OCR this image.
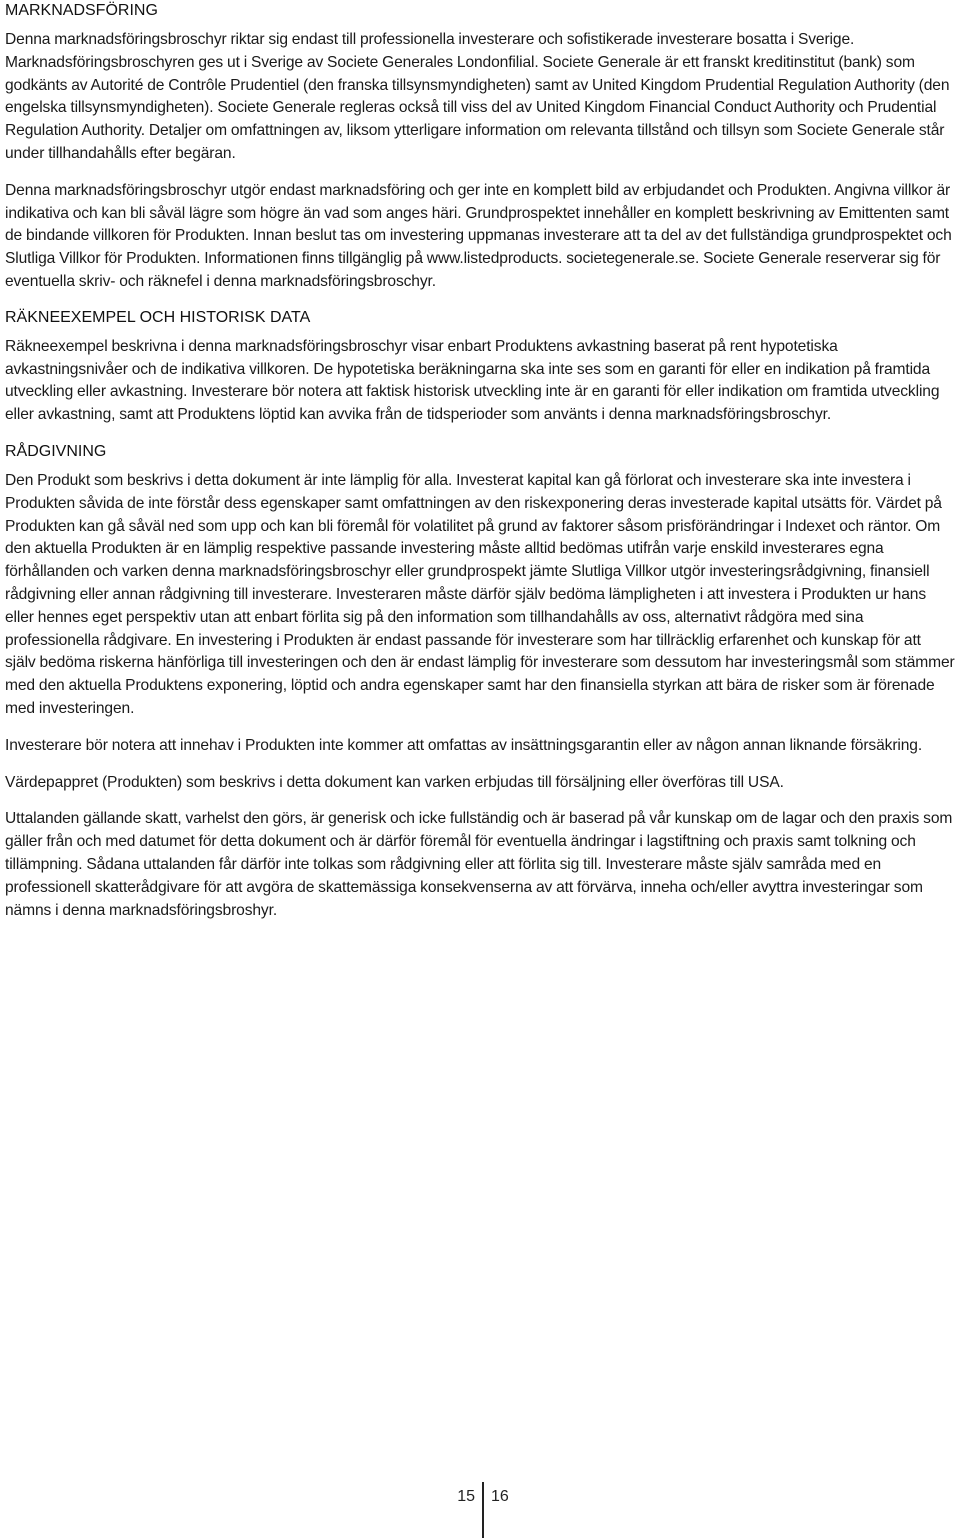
MARKNADSFÖRING

Denna marknadsföringsbroschyr riktar sig endast till professionella investerare och sofistikerade investerare bosatta i Sverige. Marknadsföringsbroschyren ges ut i Sverige av Societe Generales Londonfilial. Societe Generale är ett franskt kreditinstitut (bank) som godkänts av Autorité de Contrôle Prudentiel (den franska tillsynsmyndigheten) samt av United Kingdom Prudential Regulation Authority (den engelska tillsynsmyndigheten). Societe Generale regleras också till viss del av United Kingdom Financial Conduct Authority och Prudential Regulation Authority. Detaljer om omfattningen av, liksom ytterligare information om relevanta tillstånd och tillsyn som Societe Generale står under tillhandahålls efter begäran.

Denna marknadsföringsbroschyr utgör endast marknadsföring och ger inte en komplett bild av erbjudandet och Produkten. Angivna villkor är indikativa och kan bli såväl lägre som högre än vad som anges häri. Grundprospektet innehåller en komplett beskrivning av Emittenten samt de bindande villkoren för Produkten. Innan beslut tas om investering uppmanas investerare att ta del av det fullständiga grundprospektet och Slutliga Villkor för Produkten. Informationen finns tillgänglig på www.listedproducts. societegenerale.se. Societe Generale reserverar sig för eventuella skriv- och räknefel i denna marknadsföringsbroschyr.

RÄKNEEXEMPEL OCH HISTORISK DATA

Räkneexempel beskrivna i denna marknadsföringsbroschyr visar enbart Produktens avkastning baserat på rent hypotetiska avkastningsnivåer och de indikativa villkoren. De hypotetiska beräkningarna ska inte ses som en garanti för eller en indikation på framtida utveckling eller avkastning. Investerare bör notera att faktisk historisk utveckling inte är en garanti för eller indikation om framtida utveckling eller avkastning, samt att Produktens löptid kan avvika från de tidsperioder som använts i denna marknadsföringsbroschyr.

RÅDGIVNING

Den Produkt som beskrivs i detta dokument är inte lämplig för alla. Investerat kapital kan gå förlorat och investerare ska inte investera i Produkten såvida de inte förstår dess egenskaper samt omfattningen av den riskexponering deras investerade kapital utsätts för. Värdet på Produkten kan gå såväl ned som upp och kan bli föremål för volatilitet på grund av faktorer såsom prisförändringar i Indexet och räntor. Om den aktuella Produkten är en lämplig respektive passande investering måste alltid bedömas utifrån varje enskild investerares egna förhållanden och varken denna marknadsföringsbroschyr eller grundprospekt jämte Slutliga Villkor utgör investeringsrådgivning, finansiell rådgivning eller annan rådgivning till investerare. Investeraren måste därför själv bedöma lämpligheten i att investera i Produkten ur hans eller hennes eget perspektiv utan att enbart förlita sig på den information som tillhandahålls av oss, alternativt rådgöra med sina professionella rådgivare. En investering i Produkten är endast passande för investerare som har tillräcklig erfarenhet och kunskap för att själv bedöma riskerna hänförliga till investeringen och den är endast lämplig för investerare som dessutom har investeringsmål som stämmer med den aktuella Produktens exponering, löptid och andra egenskaper samt har den finansiella styrkan att bära de risker som är förenade med investeringen.

Investerare bör notera att innehav i Produkten inte kommer att omfattas av insättningsgarantin eller av någon annan liknande försäkring.

Värdepappret (Produkten) som beskrivs i detta dokument kan varken erbjudas till försäljning eller överföras till USA.

Uttalanden gällande skatt, varhelst den görs, är generisk och icke fullständig och är baserad på vår kunskap om de lagar och den praxis som gäller från och med datumet för detta dokument och är därför föremål för eventuella ändringar i lagstiftning och praxis samt tolkning och tillämpning. Sådana uttalanden får därför inte tolkas som rådgivning eller att förlita sig till. Investerare måste själv samråda med en professionell skatterådgivare för att avgöra de skattemässiga konsekvenserna av att förvärva, inneha och/eller avyttra investeringar som nämns i denna marknadsföringsbroshyr.

15 16
